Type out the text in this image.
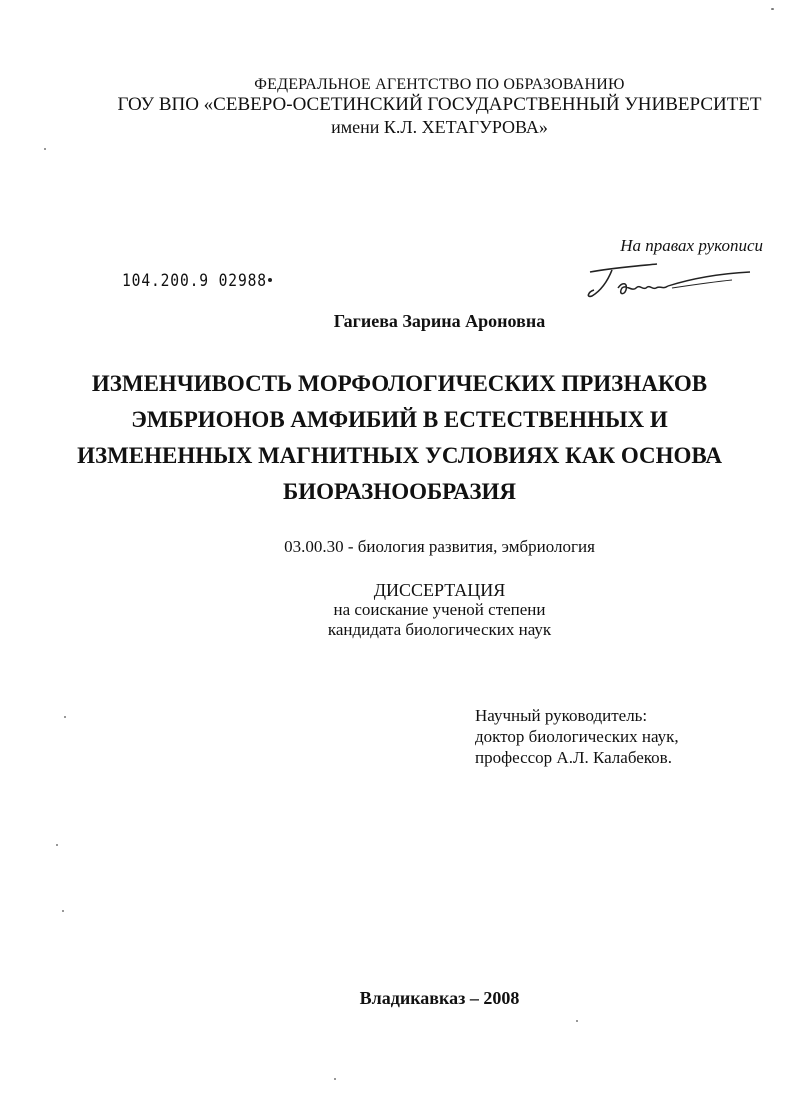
ФЕДЕРАЛЬНОЕ АГЕНТСТВО ПО ОБРАЗОВАНИЮ
ГОУ ВПО «СЕВЕРО-ОСЕТИНСКИЙ ГОСУДАРСТВЕННЫЙ УНИВЕРСИТЕТ
имени К.Л. ХЕТАГУРОВА»
На правах рукописи
104.200.9 02988
Гагиева Зарина Ароновна
ИЗМЕНЧИВОСТЬ МОРФОЛОГИЧЕСКИХ ПРИЗНАКОВ
ЭМБРИОНОВ АМФИБИЙ В ЕСТЕСТВЕННЫХ И
ИЗМЕНЕННЫХ МАГНИТНЫХ УСЛОВИЯХ КАК ОСНОВА
БИОРАЗНООБРАЗИЯ
03.00.30 - биология развития, эмбриология
ДИССЕРТАЦИЯ
на соискание ученой степени
кандидата биологических наук
Научный руководитель:
доктор биологических наук,
профессор А.Л. Калабеков.
Владикавказ – 2008
